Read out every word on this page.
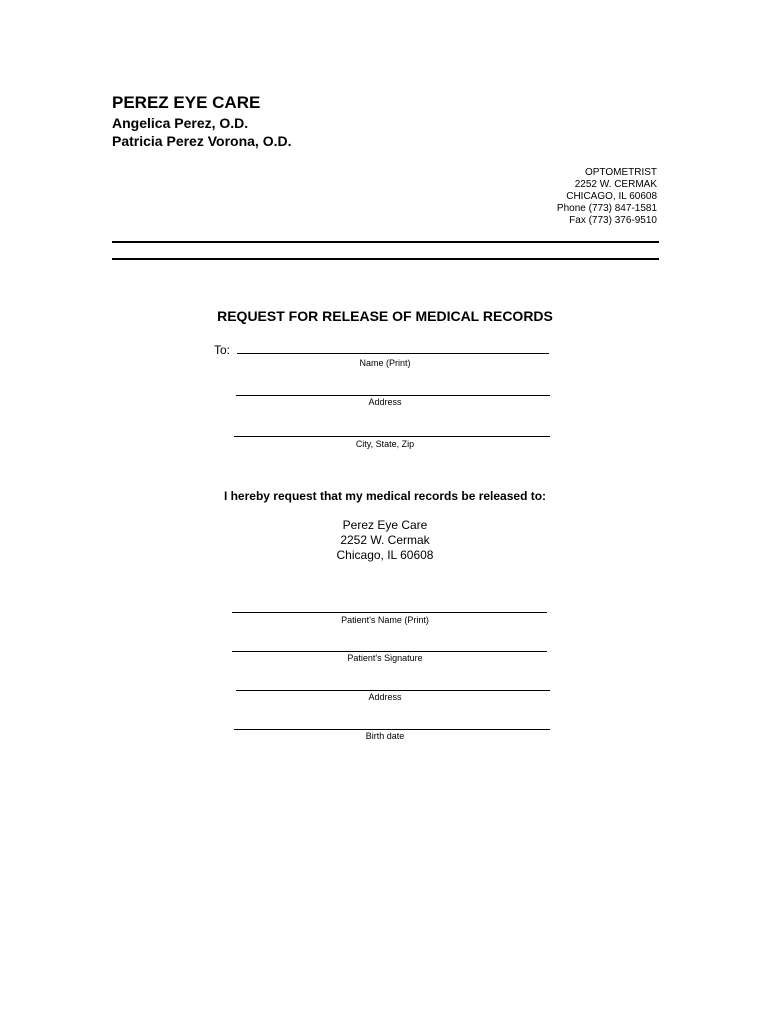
PEREZ EYE CARE
Angelica Perez, O.D.
Patricia Perez Vorona, O.D.
OPTOMETRIST
2252 W. CERMAK
CHICAGO, IL 60608
Phone (773) 847-1581
Fax (773) 376-9510
REQUEST FOR RELEASE OF MEDICAL RECORDS
To:
Name (Print)
Address
City, State, Zip
I hereby request that my medical records be released to:
Perez Eye Care
2252 W. Cermak
Chicago, IL 60608
Patient's Name (Print)
Patient's Signature
Address
Birth date
